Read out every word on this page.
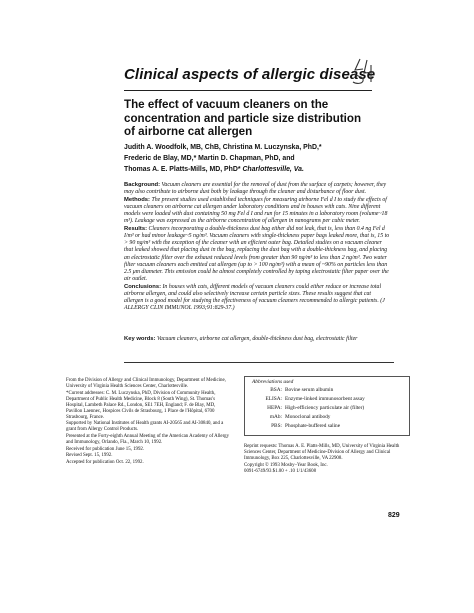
Clinical aspects of allergic disease
The effect of vacuum cleaners on the concentration and particle size distribution of airborne cat allergen
Judith A. Woodfolk, MB, ChB, Christina M. Luczynska, PhD,*
Frederic de Blay, MD,* Martin D. Chapman, PhD, and
Thomas A. E. Platts-Mills, MD, PhD* Charlottesville, Va.

Background: Vacuum cleaners are essential for the removal of dust from the surface of carpets; however, they may also contribute to airborne dust both by leakage through the cleaner and disturbance of floor dust.

Methods: The present studies used established techniques for measuring airborne Fel d I to study the effects of vacuum cleaners on airborne cat allergen under laboratory conditions and in houses with cats. Nine different models were loaded with dust containing 50 mg Fel d I and run for 15 minutes in a laboratory room (volume~18 m³). Leakage was expressed as the airborne concentration of allergen in nanograms per cubic meter.

Results: Cleaners incorporating a double-thickness dust bag either did not leak, that is, less than 0.4 ng Fel d I/m³ or had minor leakage~5 ng/m³. Vacuum cleaners with single-thickness paper bags leaked more, that is, 15 to > 90 ng/m³ with the exception of the cleaner with an efficient outer bag. Detailed studies on a vacuum cleaner that leaked showed that placing dust in the bag, replacing the dust bag with a double-thickness bag, and placing an electrostatic filter over the exhaust reduced levels from greater than 90 ng/m³ to less than 2 ng/m³. Two water filter vacuum cleaners each emitted cat allergen (up to > 100 ng/m³) with a mean of ~90% on particles less than 2.5 μm diameter. This emission could be almost completely controlled by taping electrostatic filter paper over the air outlet.

Conclusions: In houses with cats, different models of vacuum cleaners could either reduce or increase total airborne allergen, and could also selectively increase certain particle sizes. These results suggest that cat allergen is a good model for studying the effectiveness of vacuum cleaners recommended to allergic patients. (J ALLERGY CLIN IMMUNOL 1993;91:829-37.)

Key words: Vacuum cleaners, airborne cat allergen, double-thickness dust bag, electrostatic filter

From the Division of Allergy and Clinical Immunology, Department of Medicine, University of Virginia Health Sciences Center, Charlottesville.

*Current addresses: C. M. Luczynska, PhD, Division of Community Health, Department of Public Health Medicine, Block 8 (South Wing), St. Thomas's Hospital, Lambeth Palace Rd., London, SE1 7EH, England; F. de Blay, MD, Pavillon Laennec, Hospices Civils de Strasbourg, 1 Place de l'Hôpital, 6700 Strasbourg, France.

Supported by National Institutes of Health grants AI-20565 and AI-30840, and a grant from Allergy Control Products.

Presented at the Forty-eighth Annual Meeting of the American Academy of Allergy and Immunology, Orlando, Fla., March 10, 1992.

Received for publication June 15, 1992.

Revised Sept. 15, 1992.

Accepted for publication Oct. 22, 1992.

Abbreviations used
BSA: Bovine serum albumin
ELISA: Enzyme-linked immunosorbent assay
HEPA: High-efficiency particulate air (filter)
mAb: Monoclonal antibody
PBS: Phosphate-buffered saline

Reprint requests: Thomas A. E. Platts-Mills, MD, University of Virginia Health Sciences Center, Department of Medicine-Division of Allergy and Clinical Immunology, Box 225, Charlottesville, VA 22908.

Copyright © 1993 Mosby–Year Book, Inc.

0091-6749/93 $1.00 + .10 1/1/43608

829
